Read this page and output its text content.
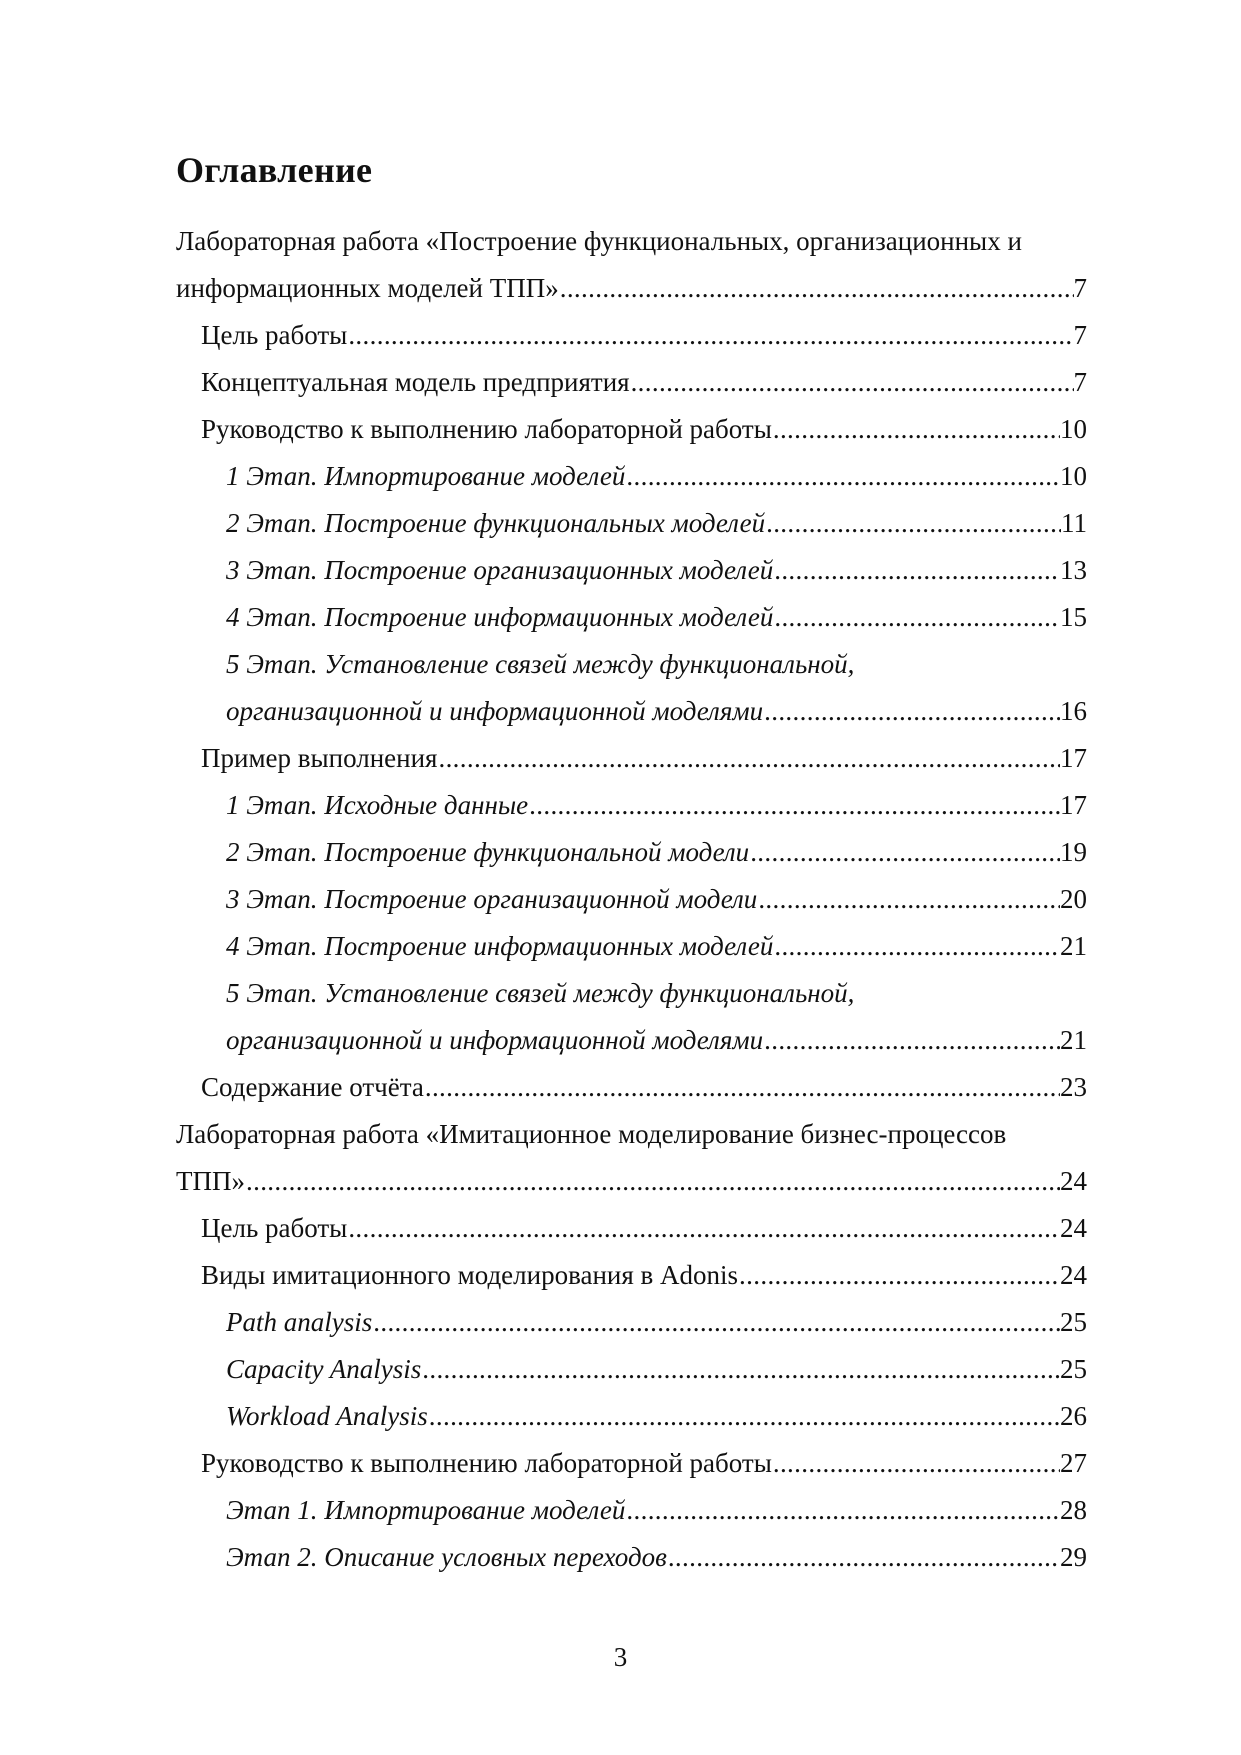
Оглавление
Лабораторная работа «Построение функциональных, организационных и
информационных моделей ТПП» . . .	7
Цель работы . . .	7
Концептуальная модель предприятия . . .	7
Руководство к выполнению лабораторной работы . . .	10
1 Этап. Импортирование моделей . . .	10
2 Этап. Построение функциональных моделей . . .	11
3 Этап. Построение организационных моделей . . .	13
4 Этап. Построение информационных моделей . . .	15
5 Этап. Установление связей между функциональной,
организационной и информационной моделями . . .	16
Пример выполнения . . .	17
1 Этап. Исходные данные . . .	17
2 Этап. Построение функциональной модели . . .	19
3 Этап. Построение организационной модели . . .	20
4 Этап. Построение информационных моделей . . .	21
5 Этап. Установление связей между функциональной,
организационной и информационной моделями . . .	21
Содержание отчёта . . .	23
Лабораторная работа «Имитационное моделирование бизнес-процессов
ТПП» . . .	24
Цель работы . . .	24
Виды имитационного моделирования в Adonis . . .	24
Path analysis . . .	25
Capacity Analysis . . .	25
Workload Analysis . . .	26
Руководство к выполнению лабораторной работы . . .	27
Этап 1. Импортирование моделей . . .	28
Этап 2. Описание условных переходов . . .	29
3
